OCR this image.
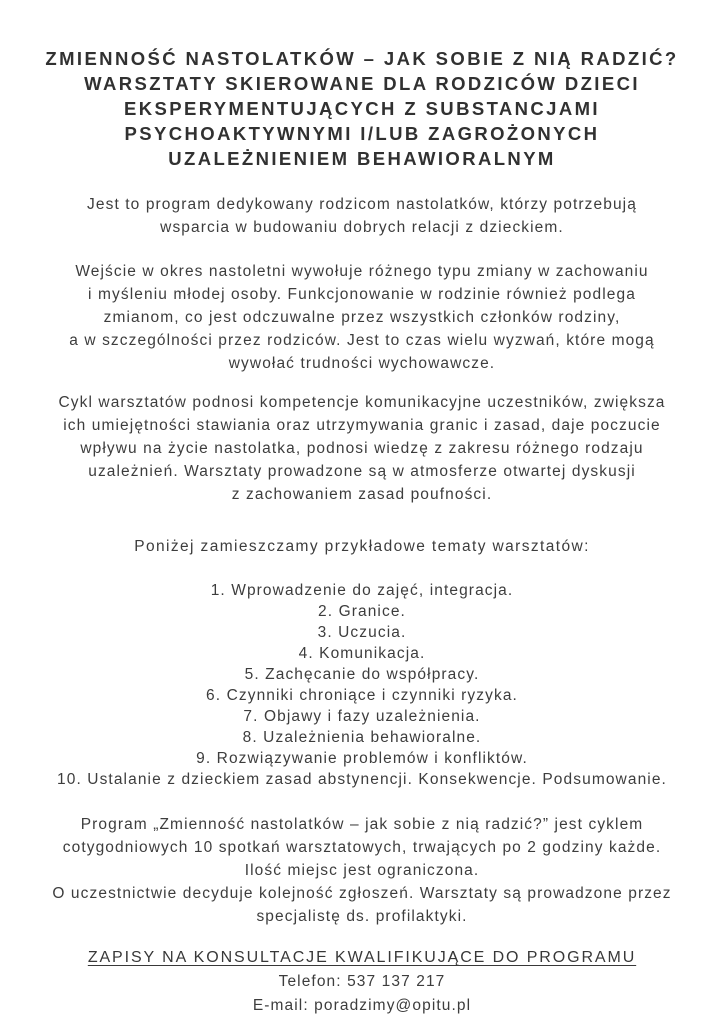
ZMIENNOŚĆ NASTOLATKÓW – JAK SOBIE Z NIĄ RADZIĆ?
WARSZTATY SKIEROWANE DLA RODZICÓW DZIECI
EKSPERYMENTUJĄCYCH Z SUBSTANCJAMI
PSYCHOAKTYWNYMI I/LUB ZAGROŻONYCH
UZALEŻNIENIEM BEHAWIORALNYM
Jest to program dedykowany rodzicom nastolatków, którzy potrzebują
wsparcia w budowaniu dobrych relacji z dzieckiem.
Wejście w okres nastoletni wywołuje różnego typu zmiany w zachowaniu
i myśleniu młodej osoby. Funkcjonowanie w rodzinie również podlega
zmianom, co jest odczuwalne przez wszystkich członków rodziny,
a w szczególności przez rodziców. Jest to czas wielu wyzwań, które mogą
wywołać trudności wychowawcze.
Cykl warsztatów podnosi kompetencje komunikacyjne uczestników, zwiększa
ich umiejętności stawiania oraz utrzymywania granic i zasad, daje poczucie
wpływu na życie nastolatka, podnosi wiedzę z zakresu różnego rodzaju
uzależnień. Warsztaty prowadzone są w atmosferze otwartej dyskusji
z zachowaniem zasad poufności.
Poniżej zamieszczamy przykładowe tematy warsztatów:
1. Wprowadzenie do zajęć, integracja.
2. Granice.
3. Uczucia.
4. Komunikacja.
5. Zachęcanie do współpracy.
6. Czynniki chroniące i czynniki ryzyka.
7. Objawy i fazy uzależnienia.
8. Uzależnienia behawioralne.
9. Rozwiązywanie problemów i konfliktów.
10. Ustalanie z dzieckiem zasad abstynencji. Konsekwencje. Podsumowanie.
Program „Zmienność nastolatków – jak sobie z nią radzić?” jest cyklem
cotygodniowych 10 spotkań warsztatowych, trwających po 2 godziny każde.
Ilość miejsc jest ograniczona.
O uczestnictwie decyduje kolejność zgłoszeń. Warsztaty są prowadzone przez
specjalistę ds. profilaktyki.
ZAPISY NA KONSULTACJE KWALIFIKUJĄCE DO PROGRAMU
Telefon: 537 137 217
E-mail: poradzimy@opitu.pl
